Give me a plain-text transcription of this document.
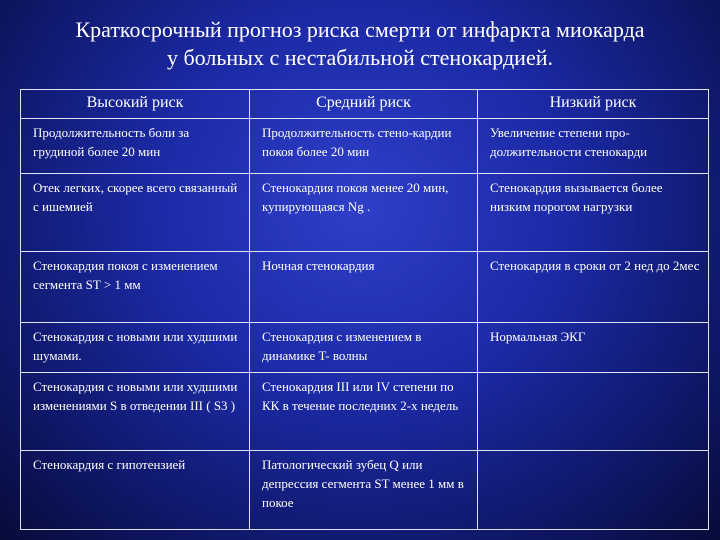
Краткосрочный прогноз риска смерти от инфаркта миокарда
у больных с нестабильной стенокардией.
Высокий риск	Средний риск	Низкий риск
Продолжительность боли за грудиной более 20 мин	Продолжительность стено-кардии покоя более 20 мин	Увеличение степени про-должительности стенокарди
Отек легких, скорее всего связанный с ишемией	Стенокардия покоя менее 20 мин, купирующаяся Ng .	Стенокардия вызывается более низким порогом нагрузки
Стенокардия покоя с изменением сегмента ST > 1 мм	Ночная стенокардия	Стенокардия в сроки от 2 нед до 2мес
Стенокардия с новыми или худшими шумами.	Стенокардия с изменением в динамике T- волны	Нормальная ЭКГ
Стенокардия с новыми или худшими изменениями S в отведении III ( S3 )	Стенокардия III или IV степени по КК в течение последних 2-х недель	
Стенокардия с гипотензией	Патологический зубец Q или депрессия сегмента ST менее 1 мм в покое	
